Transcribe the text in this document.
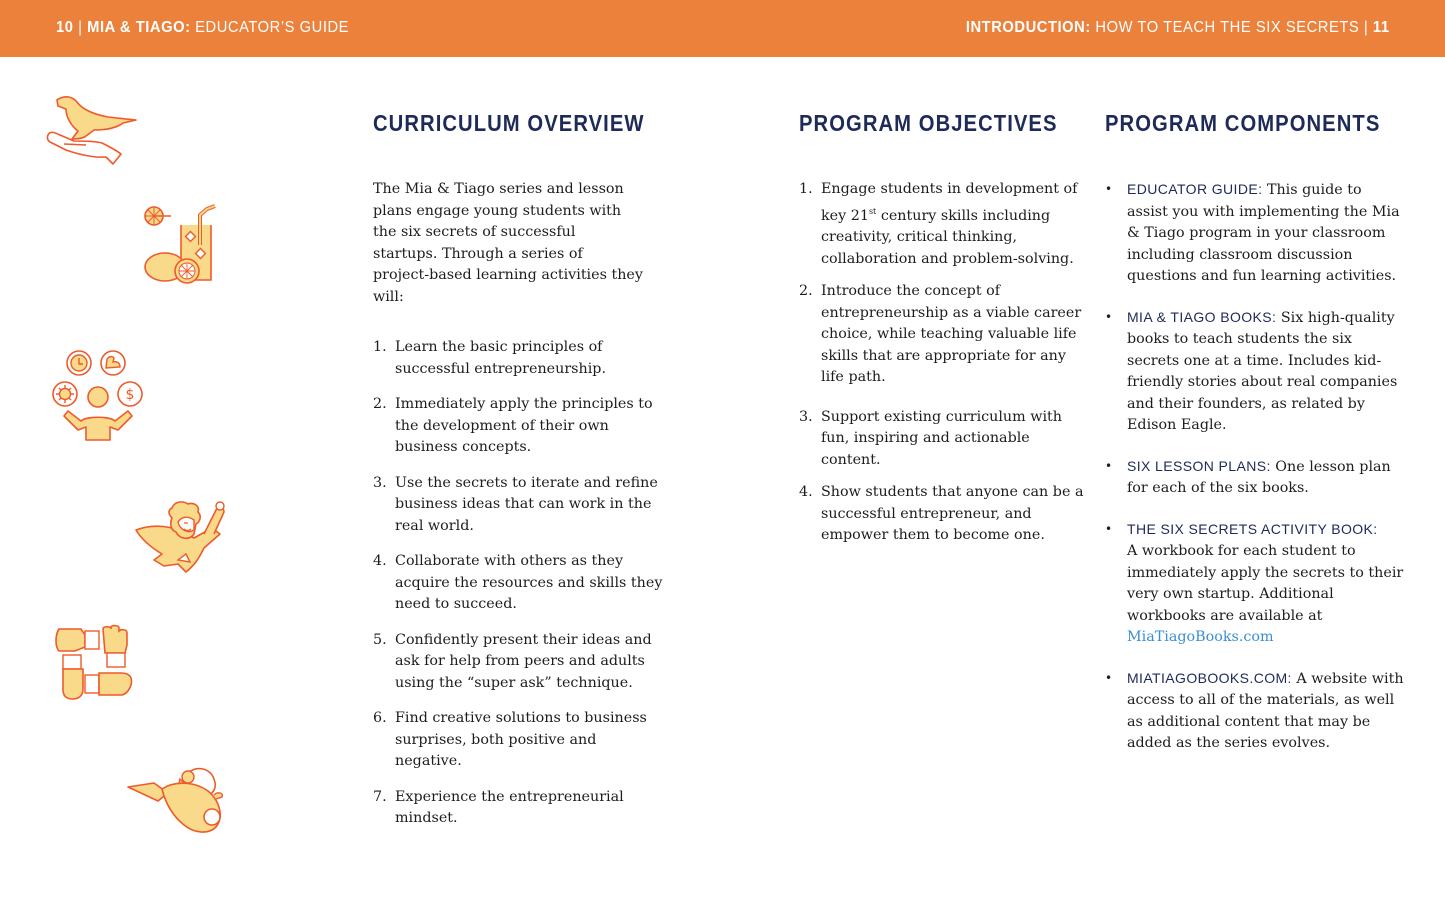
10 | MIA & TIAGO: EDUCATOR’S GUIDE	INTRODUCTION: HOW TO TEACH THE SIX SECRETS | 11
$
CURRICULUM OVERVIEW

The Mia & Tiago series and lesson plans engage young students with the six secrets of successful startups. Through a series of project-based learning activities they will:

1. Learn the basic principles of successful entrepreneurship.
2. Immediately apply the principles to the development of their own business concepts.
3. Use the secrets to iterate and refine business ideas that can work in the real world.
4. Collaborate with others as they acquire the resources and skills they need to succeed.
5. Confidently present their ideas and ask for help from peers and adults using the “super ask” technique.
6. Find creative solutions to business surprises, both positive and negative.
7. Experience the entrepreneurial mindset.
PROGRAM OBJECTIVES
1. Engage students in development of key 21st century skills including creativity, critical thinking, collaboration and problem-solving.
2. Introduce the concept of entrepreneurship as a viable career choice, while teaching valuable life skills that are appropriate for any life path.
3. Support existing curriculum with fun, inspiring and actionable content.
4. Show students that anyone can be a successful entrepreneur, and empower them to become one.
PROGRAM COMPONENTS
• EDUCATOR GUIDE: This guide to assist you with implementing the Mia & Tiago program in your classroom including classroom discussion questions and fun learning activities.
• MIA & TIAGO BOOKS: Six high-quality books to teach students the six secrets one at a time. Includes kid-friendly stories about real companies and their founders, as related by Edison Eagle.
• SIX LESSON PLANS: One lesson plan for each of the six books.
• THE SIX SECRETS ACTIVITY BOOK:
A workbook for each student to immediately apply the secrets to their very own startup. Additional workbooks are available at
MiaTiagoBooks.com
• MIATIAGOBOOKS.COM: A website with access to all of the materials, as well as additional content that may be added as the series evolves.
